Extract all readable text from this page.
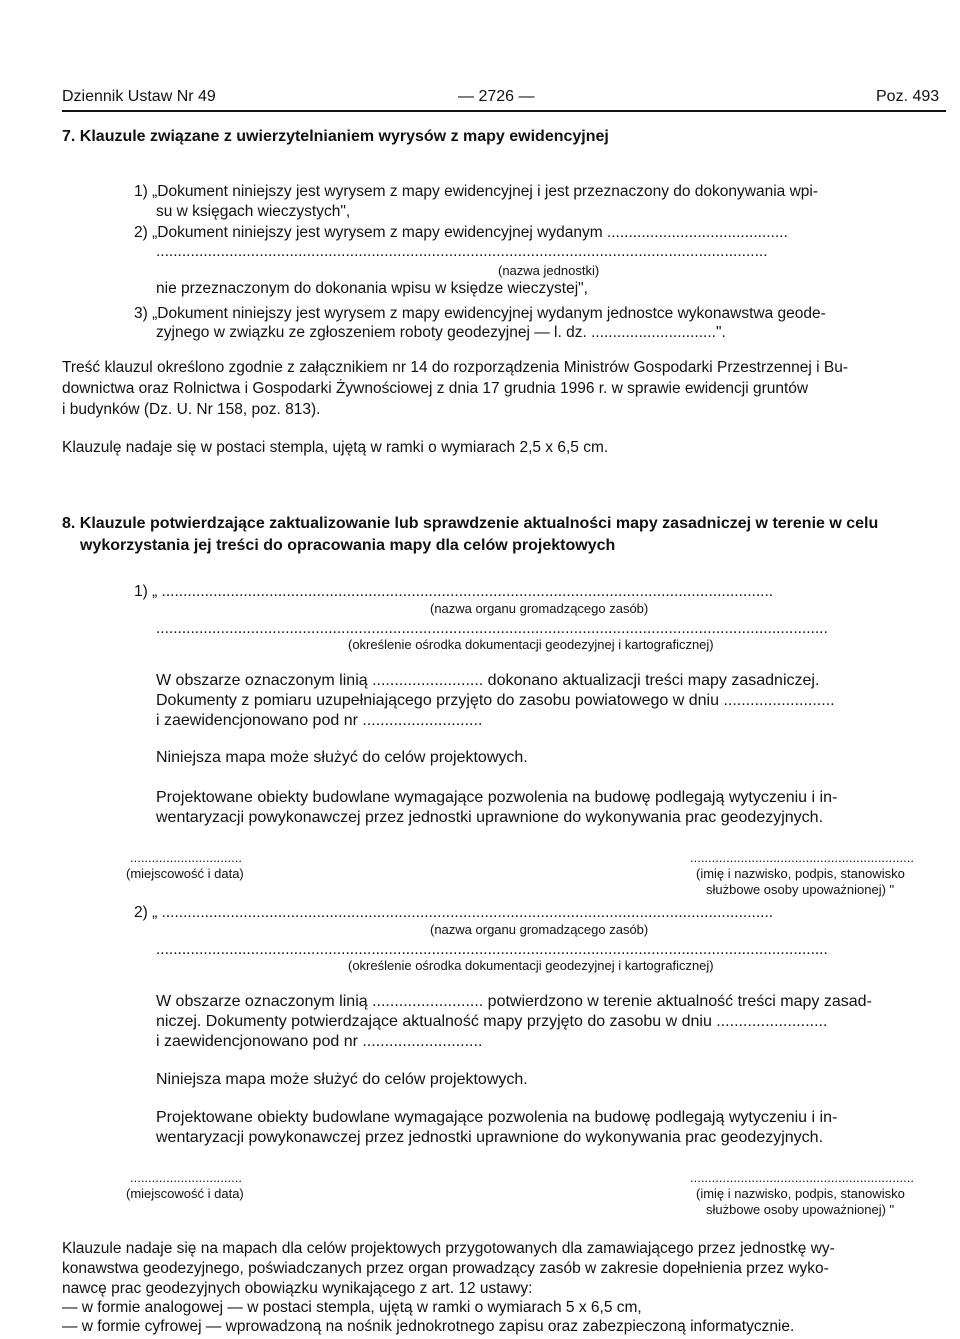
Dziennik Ustaw Nr 49	— 2726 —	Poz. 493
7. Klauzule związane z uwierzytelnianiem wyrysów z mapy ewidencyjnej
1) „Dokument niniejszy jest wyrysem z mapy ewidencyjnej i jest przeznaczony do dokonywania wpi-
su w księgach wieczystych",
2) „Dokument niniejszy jest wyrysem z mapy ewidencyjnej wydanym ..........................................
..............................................................................................................................................
(nazwa jednostki)
nie przeznaczonym do dokonania wpisu w księdze wieczystej",
3) „Dokument niniejszy jest wyrysem z mapy ewidencyjnej wydanym jednostce wykonawstwa geode-
zyjnego w związku ze zgłoszeniem roboty geodezyjnej — l. dz. .............................".
Treść klauzul określono zgodnie z załącznikiem nr 14 do rozporządzenia Ministrów Gospodarki Przestrzennej i Bu-
downictwa oraz Rolnictwa i Gospodarki Żywnościowej z dnia 17 grudnia 1996 r. w sprawie ewidencji gruntów
i budynków (Dz. U. Nr 158, poz. 813).
Klauzulę nadaje się w postaci stempla, ujętą w ramki o wymiarach 2,5 x 6,5 cm.
8. Klauzule potwierdzające zaktualizowanie lub sprawdzenie aktualności mapy zasadniczej w terenie w celu
wykorzystania jej treści do opracowania mapy dla celów projektowych
1) „ ..............................................................................................................................................
(nazwa organu gromadzącego zasób)
............................................................................................................................................................
(określenie ośrodka dokumentacji geodezyjnej i kartograficznej)
W obszarze oznaczonym linią ......................... dokonano aktualizacji treści mapy zasadniczej.
Dokumenty z pomiaru uzupełniającego przyjęto do zasobu powiatowego w dniu .........................
i zaewidencjonowano pod nr ...........................
Niniejsza mapa może służyć do celów projektowych.
Projektowane obiekty budowlane wymagające pozwolenia na budowę podlegają wytyczeniu i in-
wentaryzacji powykonawczej przez jednostki uprawnione do wykonywania prac geodezyjnych.
...............................
(miejscowość i data)
..............................................................
(imię i nazwisko, podpis, stanowisko
służbowe osoby upoważnionej) "
2) „ ..............................................................................................................................................
(nazwa organu gromadzącego zasób)
............................................................................................................................................................
(określenie ośrodka dokumentacji geodezyjnej i kartograficznej)
W obszarze oznaczonym linią ......................... potwierdzono w terenie aktualność treści mapy zasad-
niczej. Dokumenty potwierdzające aktualność mapy przyjęto do zasobu w dniu .........................
i zaewidencjonowano pod nr ...........................
Niniejsza mapa może służyć do celów projektowych.
Projektowane obiekty budowlane wymagające pozwolenia na budowę podlegają wytyczeniu i in-
wentaryzacji powykonawczej przez jednostki uprawnione do wykonywania prac geodezyjnych.
...............................
(miejscowość i data)
..............................................................
(imię i nazwisko, podpis, stanowisko
służbowe osoby upoważnionej) "
Klauzule nadaje się na mapach dla celów projektowych przygotowanych dla zamawiającego przez jednostkę wy-
konawstwa geodezyjnego, poświadczanych przez organ prowadzący zasób w zakresie dopełnienia przez wyko-
nawcę prac geodezyjnych obowiązku wynikającego z art. 12 ustawy:
— w formie analogowej — w postaci stempla, ujętą w ramki o wymiarach 5 x 6,5 cm,
— w formie cyfrowej — wprowadzoną na nośnik jednokrotnego zapisu oraz zabezpieczoną informatycznie.
